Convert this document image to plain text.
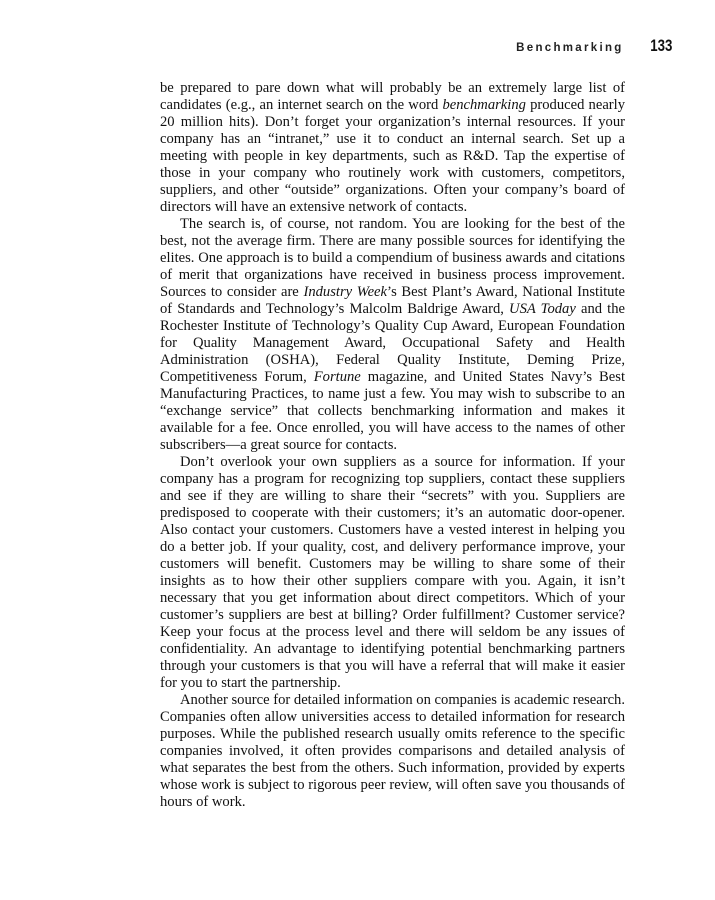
Benchmarking 133

be prepared to pare down what will probably be an extremely large list of candidates (e.g., an internet search on the word benchmarking produced nearly 20 million hits). Don’t forget your organization’s internal resources. If your company has an “intranet,” use it to conduct an internal search. Set up a meeting with people in key departments, such as R&D. Tap the expertise of those in your company who routinely work with customers, competitors, suppliers, and other “outside” organizations. Often your company’s board of directors will have an extensive network of contacts.

The search is, of course, not random. You are looking for the best of the best, not the average firm. There are many possible sources for identifying the elites. One approach is to build a compendium of business awards and citations of merit that organizations have received in business process improvement. Sources to consider are Industry Week’s Best Plant’s Award, National Institute of Standards and Technology’s Malcolm Baldrige Award, USA Today and the Rochester Institute of Technology’s Quality Cup Award, European Foundation for Quality Management Award, Occupational Safety and Health Administration (OSHA), Federal Quality Institute, Deming Prize, Competitiveness Forum, Fortune magazine, and United States Navy’s Best Manufacturing Practices, to name just a few. You may wish to subscribe to an “exchange service” that collects benchmarking information and makes it available for a fee. Once enrolled, you will have access to the names of other subscribers—a great source for contacts.

Don’t overlook your own suppliers as a source for information. If your company has a program for recognizing top suppliers, contact these suppliers and see if they are willing to share their “secrets” with you. Suppliers are predisposed to cooperate with their customers; it’s an automatic door-opener. Also contact your customers. Customers have a vested interest in helping you do a better job. If your quality, cost, and delivery performance improve, your customers will benefit. Customers may be willing to share some of their insights as to how their other suppliers compare with you. Again, it isn’t necessary that you get information about direct competitors. Which of your customer’s suppliers are best at billing? Order fulfillment? Customer service? Keep your focus at the process level and there will seldom be any issues of confidentiality. An advantage to identifying potential benchmarking partners through your customers is that you will have a referral that will make it easier for you to start the partnership.

Another source for detailed information on companies is academic research. Companies often allow universities access to detailed information for research purposes. While the published research usually omits reference to the specific companies involved, it often provides comparisons and detailed analysis of what separates the best from the others. Such information, provided by experts whose work is subject to rigorous peer review, will often save you thousands of hours of work.
